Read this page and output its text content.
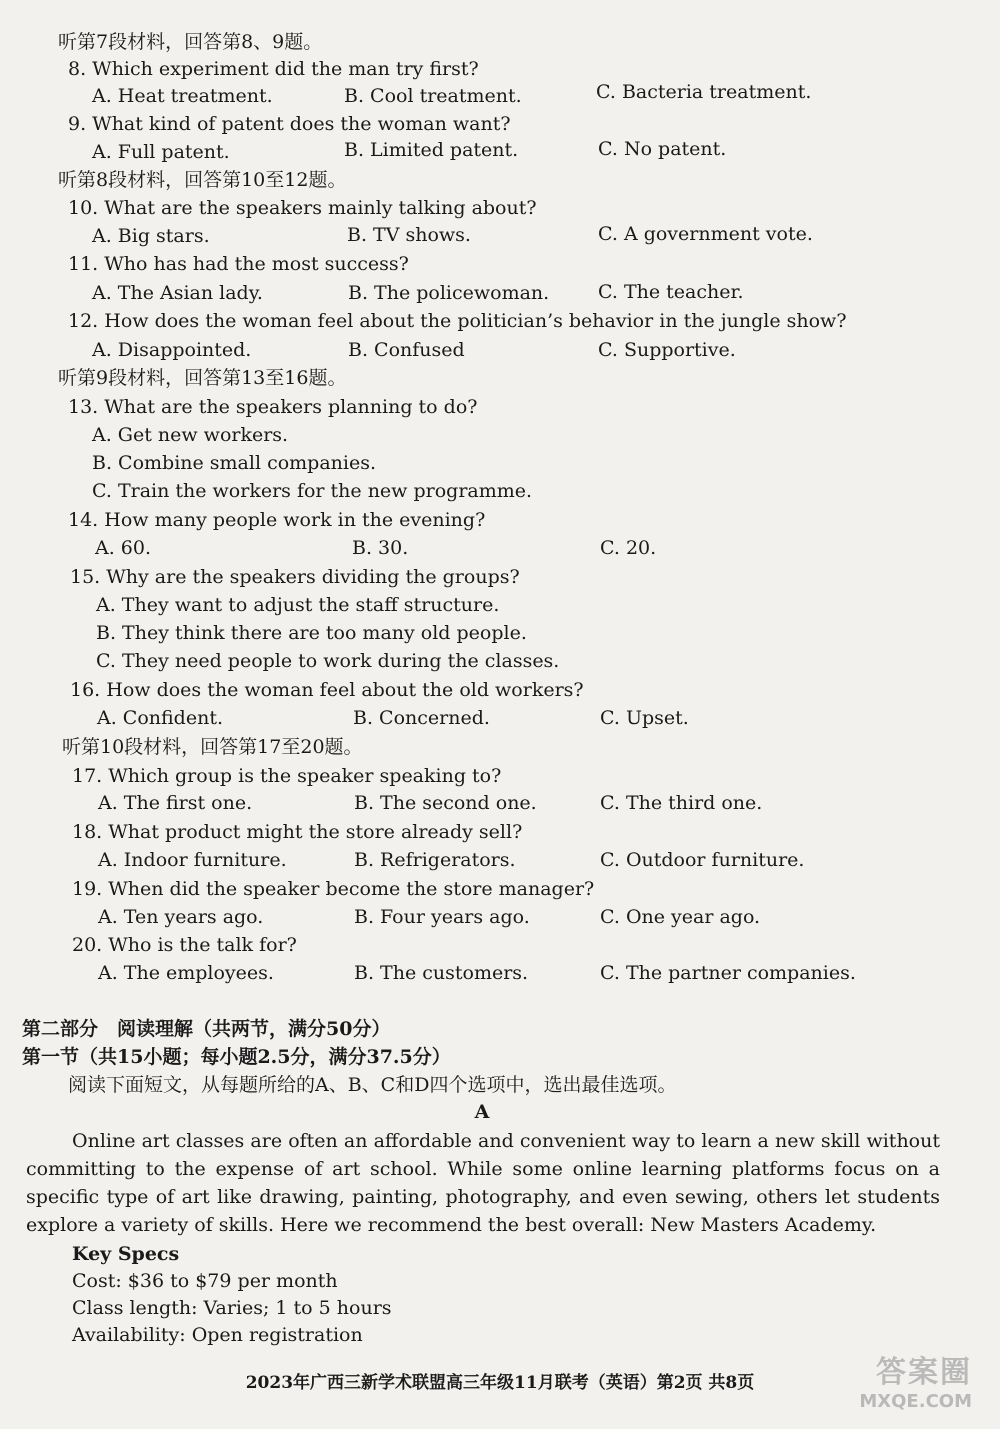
听第7段材料，回答第8、9题。
8. Which experiment did the man try first?
A. Heat treatment.	B. Cool treatment.	C. Bacteria treatment.
9. What kind of patent does the woman want?
A. Full patent.	B. Limited patent.	C. No patent.
听第8段材料，回答第10至12题。
10. What are the speakers mainly talking about?
A. Big stars.	B. TV shows.	C. A government vote.
11. Who has had the most success?
A. The Asian lady.	B. The policewoman.	C. The teacher.
12. How does the woman feel about the politician’s behavior in the jungle show?
A. Disappointed.	B. Confused	C. Supportive.
听第9段材料，回答第13至16题。
13. What are the speakers planning to do?
A. Get new workers.
B. Combine small companies.
C. Train the workers for the new programme.
14. How many people work in the evening?
A. 60.	B. 30.	C. 20.
15. Why are the speakers dividing the groups?
A. They want to adjust the staff structure.
B. They think there are too many old people.
C. They need people to work during the classes.
16. How does the woman feel about the old workers?
A. Confident.	B. Concerned.	C. Upset.
听第10段材料，回答第17至20题。
17. Which group is the speaker speaking to?
A. The first one.	B. The second one.	C. The third one.
18. What product might the store already sell?
A. Indoor furniture.	B. Refrigerators.	C. Outdoor furniture.
19. When did the speaker become the store manager?
A. Ten years ago.	B. Four years ago.	C. One year ago.
20. Who is the talk for?
A. The employees.	B. The customers.	C. The partner companies.
第二部分　阅读理解（共两节，满分50分）
第一节（共15小题；每小题2.5分，满分37.5分）
阅读下面短文，从每题所给的A、B、C和D四个选项中，选出最佳选项。
A
Online art classes are often an affordable and convenient way to learn a new skill without committing to the expense of art school. While some online learning platforms focus on a specific type of art like drawing, painting, photography, and even sewing, others let students explore a variety of skills. Here we recommend the best overall: New Masters Academy.
Key Specs
Cost: $36 to $79 per month
Class length: Varies; 1 to 5 hours
Availability: Open registration
2023年广西三新学术联盟高三年级11月联考（英语）第2页 共8页	答案圈
MXQE.COM
